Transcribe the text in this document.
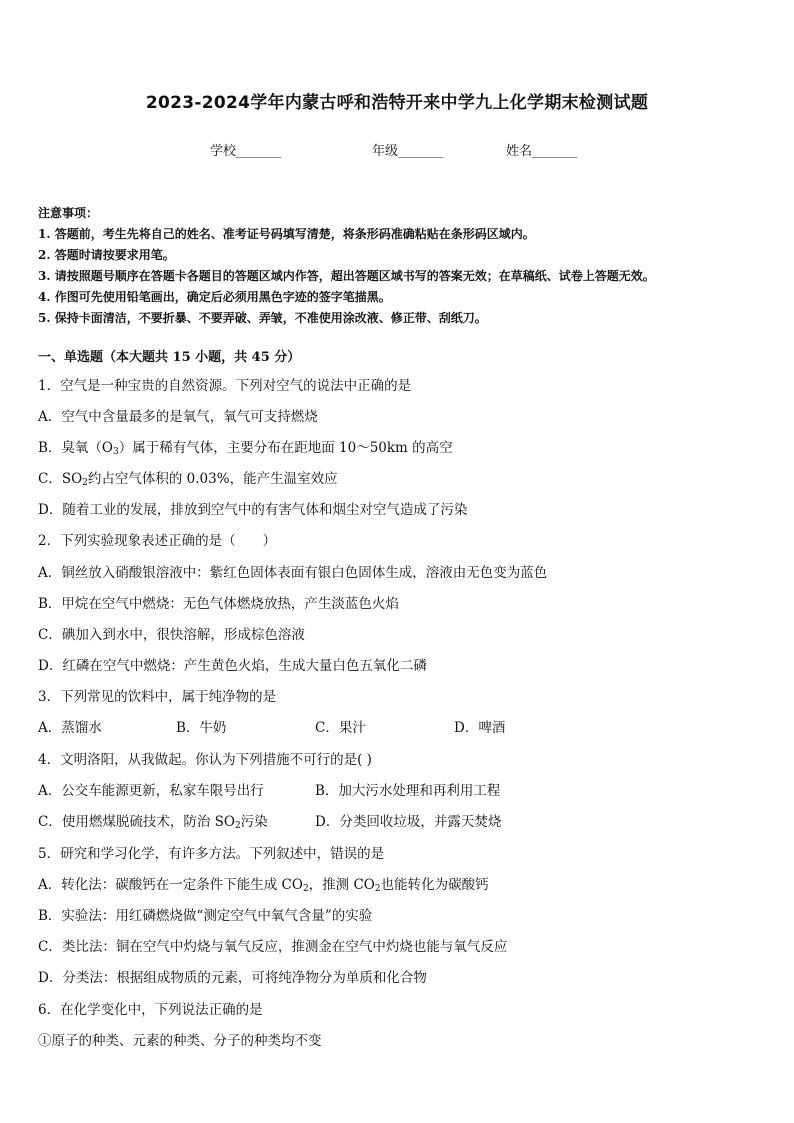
2023-2024学年内蒙古呼和浩特开来中学九上化学期末检测试题
学校_______	年级_______	姓名_______
注意事项：
1. 答题前，考生先将自己的姓名、准考证号码填写清楚，将条形码准确粘贴在条形码区域内。
2. 答题时请按要求用笔。
3. 请按照题号顺序在答题卡各题目的答题区域内作答，超出答题区域书写的答案无效；在草稿纸、试卷上答题无效。
4. 作图可先使用铅笔画出，确定后必须用黑色字迹的签字笔描黑。
5. 保持卡面清洁，不要折暴、不要弄破、弄皱，不准使用涂改液、修正带、刮纸刀。
一、单选题（本大题共 15 小题，共 45 分）
1．空气是一种宝贵的自然资源。下列对空气的说法中正确的是
A．空气中含量最多的是氧气，氧气可支持燃烧
B．臭氧$(O_3)$属于稀有气体，主要分布在距地面 10～50km 的高空
C．$SO_2$约占空气体积的 0.03%，能产生温室效应
D．随着工业的发展，排放到空气中的有害气体和烟尘对空气造成了污染
2．下列实验现象表述正确的是（　　）
A．铜丝放入硝酸银溶液中：紫红色固体表面有银白色固体生成，溶液由无色变为蓝色
B．甲烷在空气中燃烧：无色气体燃烧放热，产生淡蓝色火焰
C．碘加入到水中，很快溶解，形成棕色溶液
D．红磷在空气中燃烧：产生黄色火焰，生成大量白色五氧化二磷
3．下列常见的饮料中，属于纯净物的是
A．蒸馏水	B．牛奶	C．果汁	D．啤酒
4．文明洛阳，从我做起。你认为下列措施不可行的是( )
A．公交车能源更新，私家车限号出行	B．加大污水处理和再利用工程
C．使用燃煤脱硫技术，防治 $SO_2$污染	D．分类回收垃圾，并露天焚烧
5．研究和学习化学，有许多方法。下列叙述中，错误的是
A．转化法：碳酸钙在一定条件下能生成 $CO_2$，推测 $CO_2$也能转化为碳酸钙
B．实验法：用红磷燃烧做“测定空气中氧气含量”的实验
C．类比法：铜在空气中灼烧与氧气反应，推测金在空气中灼烧也能与氧气反应
D．分类法：根据组成物质的元素，可将纯净物分为单质和化合物
6．在化学变化中，下列说法正确的是
①原子的种类、元素的种类、分子的种类均不变
